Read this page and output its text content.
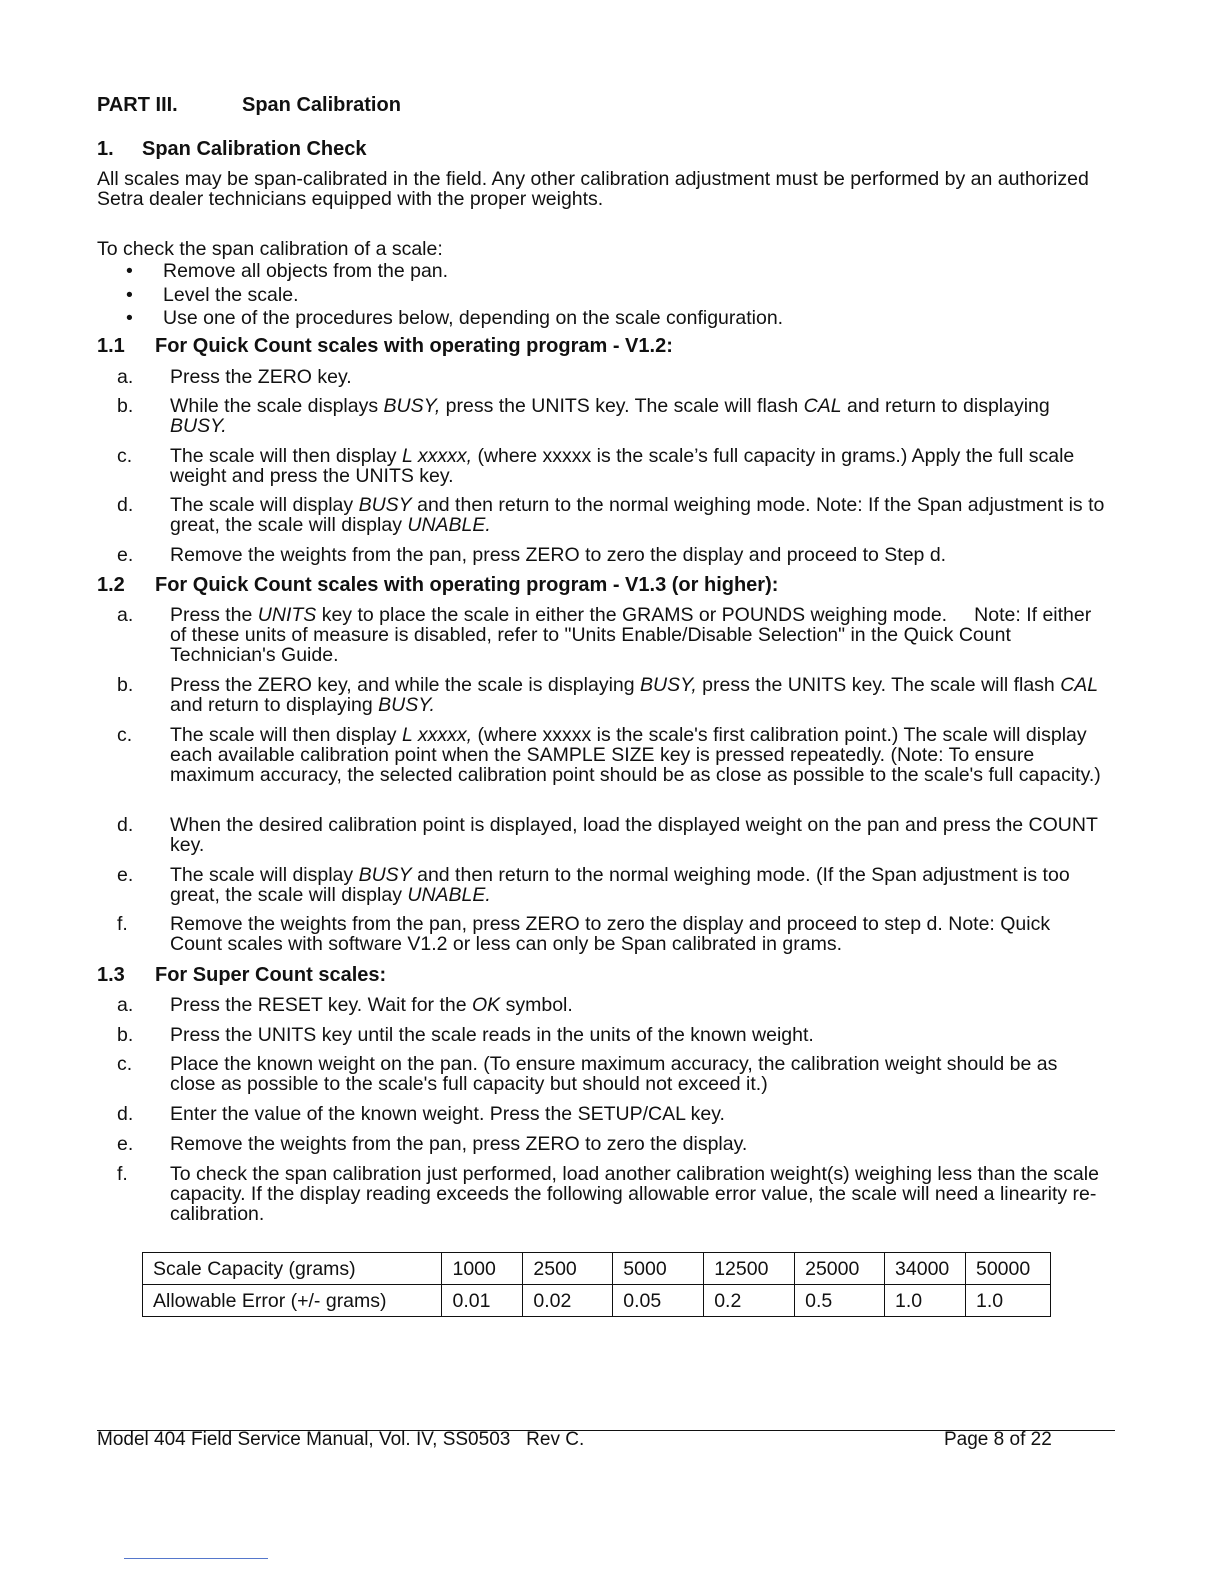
PART III.	Span Calibration
1. Span Calibration Check
All scales may be span-calibrated in the field. Any other calibration adjustment must be performed by an authorized Setra dealer technicians equipped with the proper weights.
To check the span calibration of a scale:
• Remove all objects from the pan.
• Level the scale.
• Use one of the procedures below, depending on the scale configuration.
1.1 For Quick Count scales with operating program - V1.2:
a.	Press the ZERO key.
b.	While the scale displays BUSY, press the UNITS key. The scale will flash CAL and return to displaying BUSY.
c.	The scale will then display L xxxxx, (where xxxxx is the scale’s full capacity in grams.) Apply the full scale weight and press the UNITS key.
d.	The scale will display BUSY and then return to the normal weighing mode. Note: If the Span adjustment is to great, the scale will display UNABLE.
e.	Remove the weights from the pan, press ZERO to zero the display and proceed to Step d.
1.2 For Quick Count scales with operating program - V1.3 (or higher):
a.	Press the UNITS key to place the scale in either the GRAMS or POUNDS weighing mode.     Note: If either of these units of measure is disabled, refer to "Units Enable/Disable Selection" in the Quick Count Technician's Guide.
b.	Press the ZERO key, and while the scale is displaying BUSY, press the UNITS key. The scale will flash CAL and return to displaying BUSY.
c.	The scale will then display L xxxxx, (where xxxxx is the scale's first calibration point.) The scale will display each available calibration point when the SAMPLE SIZE key is pressed repeatedly. (Note: To ensure maximum accuracy, the selected calibration point should be as close as possible to the scale's full capacity.)
d.	When the desired calibration point is displayed, load the displayed weight on the pan and press the COUNT key.
e.	The scale will display BUSY and then return to the normal weighing mode. (If the Span adjustment is too great, the scale will display UNABLE.
f.	Remove the weights from the pan, press ZERO to zero the display and proceed to step d. Note: Quick Count scales with software V1.2 or less can only be Span calibrated in grams.
1.3 For Super Count scales:
a.	Press the RESET key. Wait for the OK symbol.
b.	Press the UNITS key until the scale reads in the units of the known weight.
c.	Place the known weight on the pan. (To ensure maximum accuracy, the calibration weight should be as close as possible to the scale's full capacity but should not exceed it.)
d.	Enter the value of the known weight. Press the SETUP/CAL key.
e.	Remove the weights from the pan, press ZERO to zero the display.
f.	To check the span calibration just performed, load another calibration weight(s) weighing less than the scale capacity. If the display reading exceeds the following allowable error value, the scale will need a linearity re-calibration.
Scale Capacity (grams)	1000	2500	5000	12500	25000	34000	50000
Allowable Error (+/- grams)	0.01	0.02	0.05	0.2	0.5	1.0	1.0
Model 404 Field Service Manual, Vol. IV, SS0503   Rev C.	Page 8 of 22
